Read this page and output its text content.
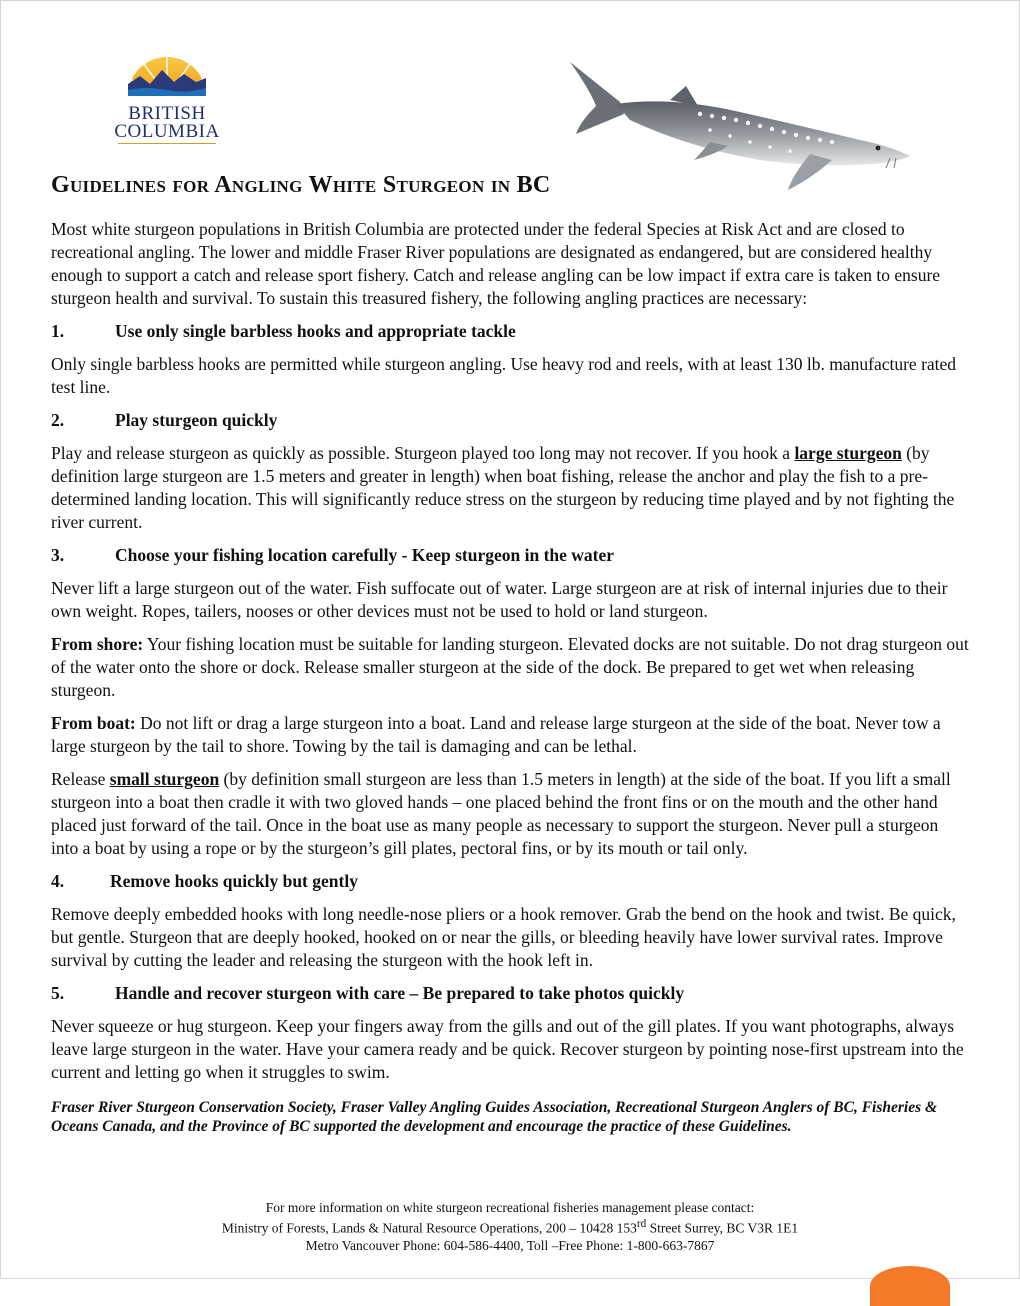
BRITISH
COLUMBIA
Guidelines for Angling White Sturgeon in BC

Most white sturgeon populations in British Columbia are protected under the federal Species at Risk Act and are closed to recreational angling. The lower and middle Fraser River populations are designated as endangered, but are considered healthy enough to support a catch and release sport fishery. Catch and release angling can be low impact if extra care is taken to ensure sturgeon health and survival. To sustain this treasured fishery, the following angling practices are necessary:

1.	Use only single barbless hooks and appropriate tackle

Only single barbless hooks are permitted while sturgeon angling. Use heavy rod and reels, with at least 130 lb. manufacture rated test line.

2.	Play sturgeon quickly

Play and release sturgeon as quickly as possible. Sturgeon played too long may not recover. If you hook a large sturgeon (by definition large sturgeon are 1.5 meters and greater in length) when boat fishing, release the anchor and play the fish to a pre-determined landing location. This will significantly reduce stress on the sturgeon by reducing time played and by not fighting the river current.

3.	Choose your fishing location carefully - Keep sturgeon in the water

Never lift a large sturgeon out of the water. Fish suffocate out of water. Large sturgeon are at risk of internal injuries due to their own weight. Ropes, tailers, nooses or other devices must not be used to hold or land sturgeon.

From shore: Your fishing location must be suitable for landing sturgeon. Elevated docks are not suitable. Do not drag sturgeon out of the water onto the shore or dock. Release smaller sturgeon at the side of the dock. Be prepared to get wet when releasing sturgeon.

From boat: Do not lift or drag a large sturgeon into a boat. Land and release large sturgeon at the side of the boat. Never tow a large sturgeon by the tail to shore. Towing by the tail is damaging and can be lethal.

Release small sturgeon (by definition small sturgeon are less than 1.5 meters in length) at the side of the boat. If you lift a small sturgeon into a boat then cradle it with two gloved hands – one placed behind the front fins or on the mouth and the other hand placed just forward of the tail. Once in the boat use as many people as necessary to support the sturgeon. Never pull a sturgeon into a boat by using a rope or by the sturgeon’s gill plates, pectoral fins, or by its mouth or tail only.

4.	Remove hooks quickly but gently

Remove deeply embedded hooks with long needle-nose pliers or a hook remover. Grab the bend on the hook and twist. Be quick, but gentle. Sturgeon that are deeply hooked, hooked on or near the gills, or bleeding heavily have lower survival rates. Improve survival by cutting the leader and releasing the sturgeon with the hook left in.

5.	Handle and recover sturgeon with care – Be prepared to take photos quickly

Never squeeze or hug sturgeon. Keep your fingers away from the gills and out of the gill plates. If you want photographs, always leave large sturgeon in the water. Have your camera ready and be quick. Recover sturgeon by pointing nose-first upstream into the current and letting go when it struggles to swim.

Fraser River Sturgeon Conservation Society, Fraser Valley Angling Guides Association, Recreational Sturgeon Anglers of BC, Fisheries & Oceans Canada, and the Province of BC supported the development and encourage the practice of these Guidelines.

For more information on white sturgeon recreational fisheries management please contact:
Ministry of Forests, Lands & Natural Resource Operations, 200 – 10428 153rd Street Surrey, BC V3R 1E1
Metro Vancouver Phone: 604-586-4400, Toll –Free Phone: 1-800-663-7867
